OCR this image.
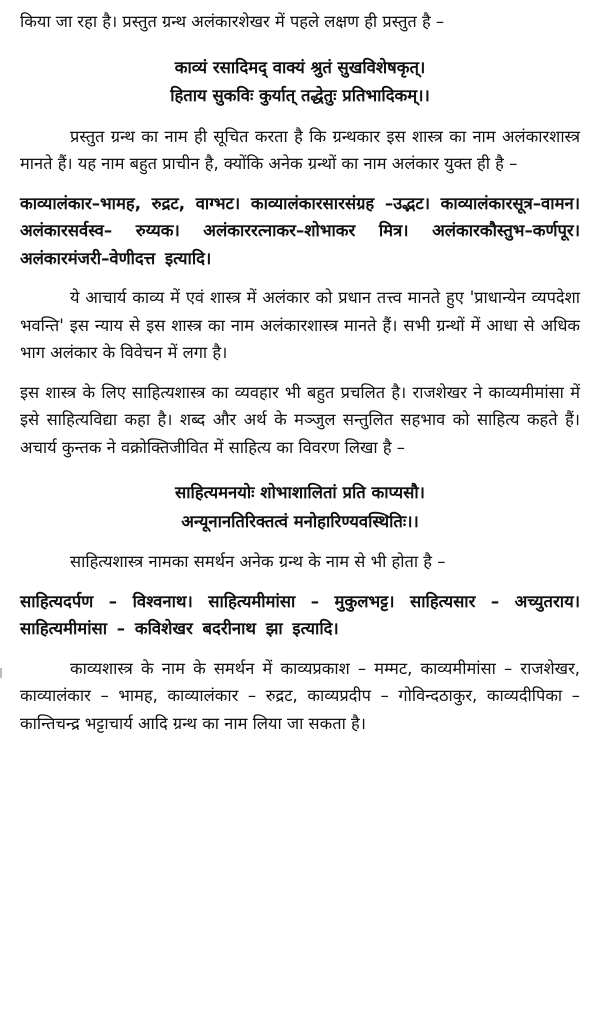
किया जा रहा है। प्रस्तुत ग्रन्थ अलंकारशेखर में पहले लक्षण ही प्रस्तुत है –

काव्यं रसादिमद् वाक्यं श्रुतं सुखविशेषकृत्।

हिताय सुकविः कुर्यात् तद्धेतुः प्रतिभादिकम्।।

प्रस्तुत ग्रन्थ का नाम ही सूचित करता है कि ग्रन्थकार इस शास्त्र का नाम अलंकारशास्त्र मानते हैं। यह नाम बहुत प्राचीन है, क्योंकि अनेक ग्रन्थों का नाम अलंकार युक्त ही है –

काव्यालंकार–भामह, रुद्रट, वाग्भट। काव्यालंकारसारसंग्रह –उद्भट। काव्यालंकारसूत्र–वामन। अलंकारसर्वस्व– रुय्यक। अलंकाररत्नाकर–शोभाकर मित्र। अलंकारकौस्तुभ–कर्णपूर। अलंकारमंजरी–वेणीदत्त इत्यादि।

ये आचार्य काव्य में एवं शास्त्र में अलंकार को प्रधान तत्त्व मानते हुए 'प्राधान्येन व्यपदेशा भवन्ति' इस न्याय से इस शास्त्र का नाम अलंकारशास्त्र मानते हैं। सभी ग्रन्थों में आधा से अधिक भाग अलंकार के विवेचन में लगा है।

इस शास्त्र के लिए साहित्यशास्त्र का व्यवहार भी बहुत प्रचलित है। राजशेखर ने काव्यमीमांसा में इसे साहित्यविद्या कहा है। शब्द और अर्थ के मञ्जुल सन्तुलित सहभाव को साहित्य कहते हैं। अचार्य कुन्तक ने वक्रोक्तिजीवित में साहित्य का विवरण लिखा है –

साहित्यमनयोः शोभाशालितां प्रति काप्यसौ।

अन्यूनानतिरिक्तत्वं मनोहारिण्यवस्थितिः।।

साहित्यशास्त्र नामका समर्थन अनेक ग्रन्थ के नाम से भी होता है –

साहित्यदर्पण – विश्वनाथ। साहित्यमीमांसा – मुकुलभट्ट। साहित्यसार – अच्युतराय। साहित्यमीमांसा – कविशेखर बदरीनाथ झा इत्यादि।

काव्यशास्त्र के नाम के समर्थन में काव्यप्रकाश – मम्मट, काव्यमीमांसा – राजशेखर, काव्यालंकार – भामह, काव्यालंकार – रुद्रट, काव्यप्रदीप – गोविन्दठाकुर, काव्यदीपिका – कान्तिचन्द्र भट्टाचार्य आदि ग्रन्थ का नाम लिया जा सकता है।
